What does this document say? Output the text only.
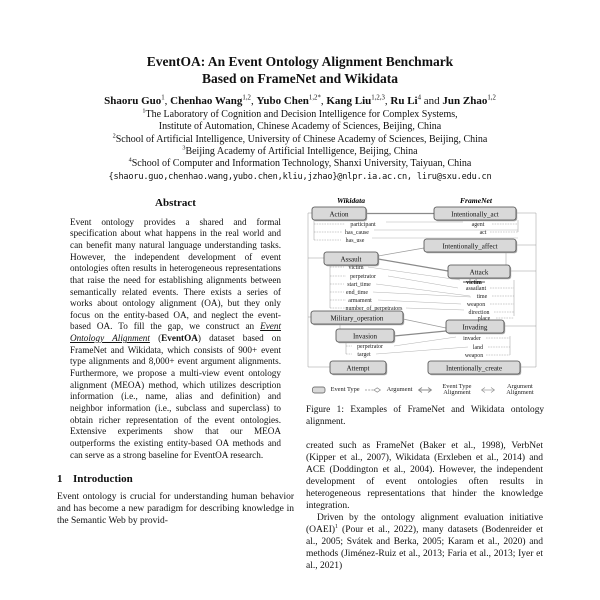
EventOA: An Event Ontology Alignment Benchmark
Based on FrameNet and Wikidata
Shaoru Guo$^1$, Chenhao Wang$^{1,2}$, Yubo Chen$^{1,2*}$, Kang Liu$^{1,2,3}$, Ru Li$^4$ and Jun Zhao$^{1,2}$
$^1$The Laboratory of Cognition and Decision Intelligence for Complex Systems,
Institute of Automation, Chinese Academy of Sciences, Beijing, China
$^2$School of Artificial Intelligence, University of Chinese Academy of Sciences, Beijing, China
$^3$Beijing Academy of Artificial Intelligence, Beijing, China
$^4$School of Computer and Information Technology, Shanxi University, Taiyuan, China
{shaoru.guo,chenhao.wang,yubo.chen,kliu,jzhao}@nlpr.ia.ac.cn, liru@sxu.edu.cn
Abstract
Event ontology provides a shared and formal specification about what happens in the real world and can benefit many natural language understanding tasks. However, the independent development of event ontologies often results in heterogeneous representations that raise the need for establishing alignments between semantically related events. There exists a series of works about ontology alignment (OA), but they only focus on the entity-based OA, and neglect the event-based OA. To fill the gap, we construct an Event Ontology Alignment (EventOA) dataset based on FrameNet and Wikidata, which consists of 900+ event type alignments and 8,000+ event argument alignments. Furthermore, we propose a multi-view event ontology alignment (MEOA) method, which utilizes description information (i.e., name, alias and definition) and neighbor information (i.e., subclass and superclass) to obtain richer representation of the event ontologies. Extensive experiments show that our MEOA outperforms the existing entity-based OA methods and can serve as a strong baseline for EventOA research.
1 Introduction
Event ontology is crucial for understanding human behavior and has become a new paradigm for describing knowledge in the Semantic Web by provid-
Wikidata	FrameNet
Action	Intentionally_act
Intentionally_affect
Assault
Attack
Military_operation
Invading
Invasion
Attempt	Intentionally_create
participant
has_cause
has_use
agent
act
victim
perpetrator
start_time
end_time
armament
number_of_perpetrators
victim
assailant
time
weapon
direction
place
perpetrator
target
invader
land
weapon
Event Type	Argument	Event Type Alignment
Argument Alignment
Figure 1: Examples of FrameNet and Wikidata ontology alignment.
created such as FrameNet (Baker et al., 1998), VerbNet (Kipper et al., 2007), Wikidata (Erxleben et al., 2014) and ACE (Doddington et al., 2004). However, the independent development of event ontologies often results in heterogeneous representations that hinder the knowledge integration.
Driven by the ontology alignment evaluation initiative (OAEI)$^1$ (Pour et al., 2022), many datasets (Bodenreider et al., 2005; Svátek and Berka, 2005; Karam et al., 2020) and methods (Jiménez-Ruiz et al., 2013; Faria et al., 2013; Iyer et al., 2021)
